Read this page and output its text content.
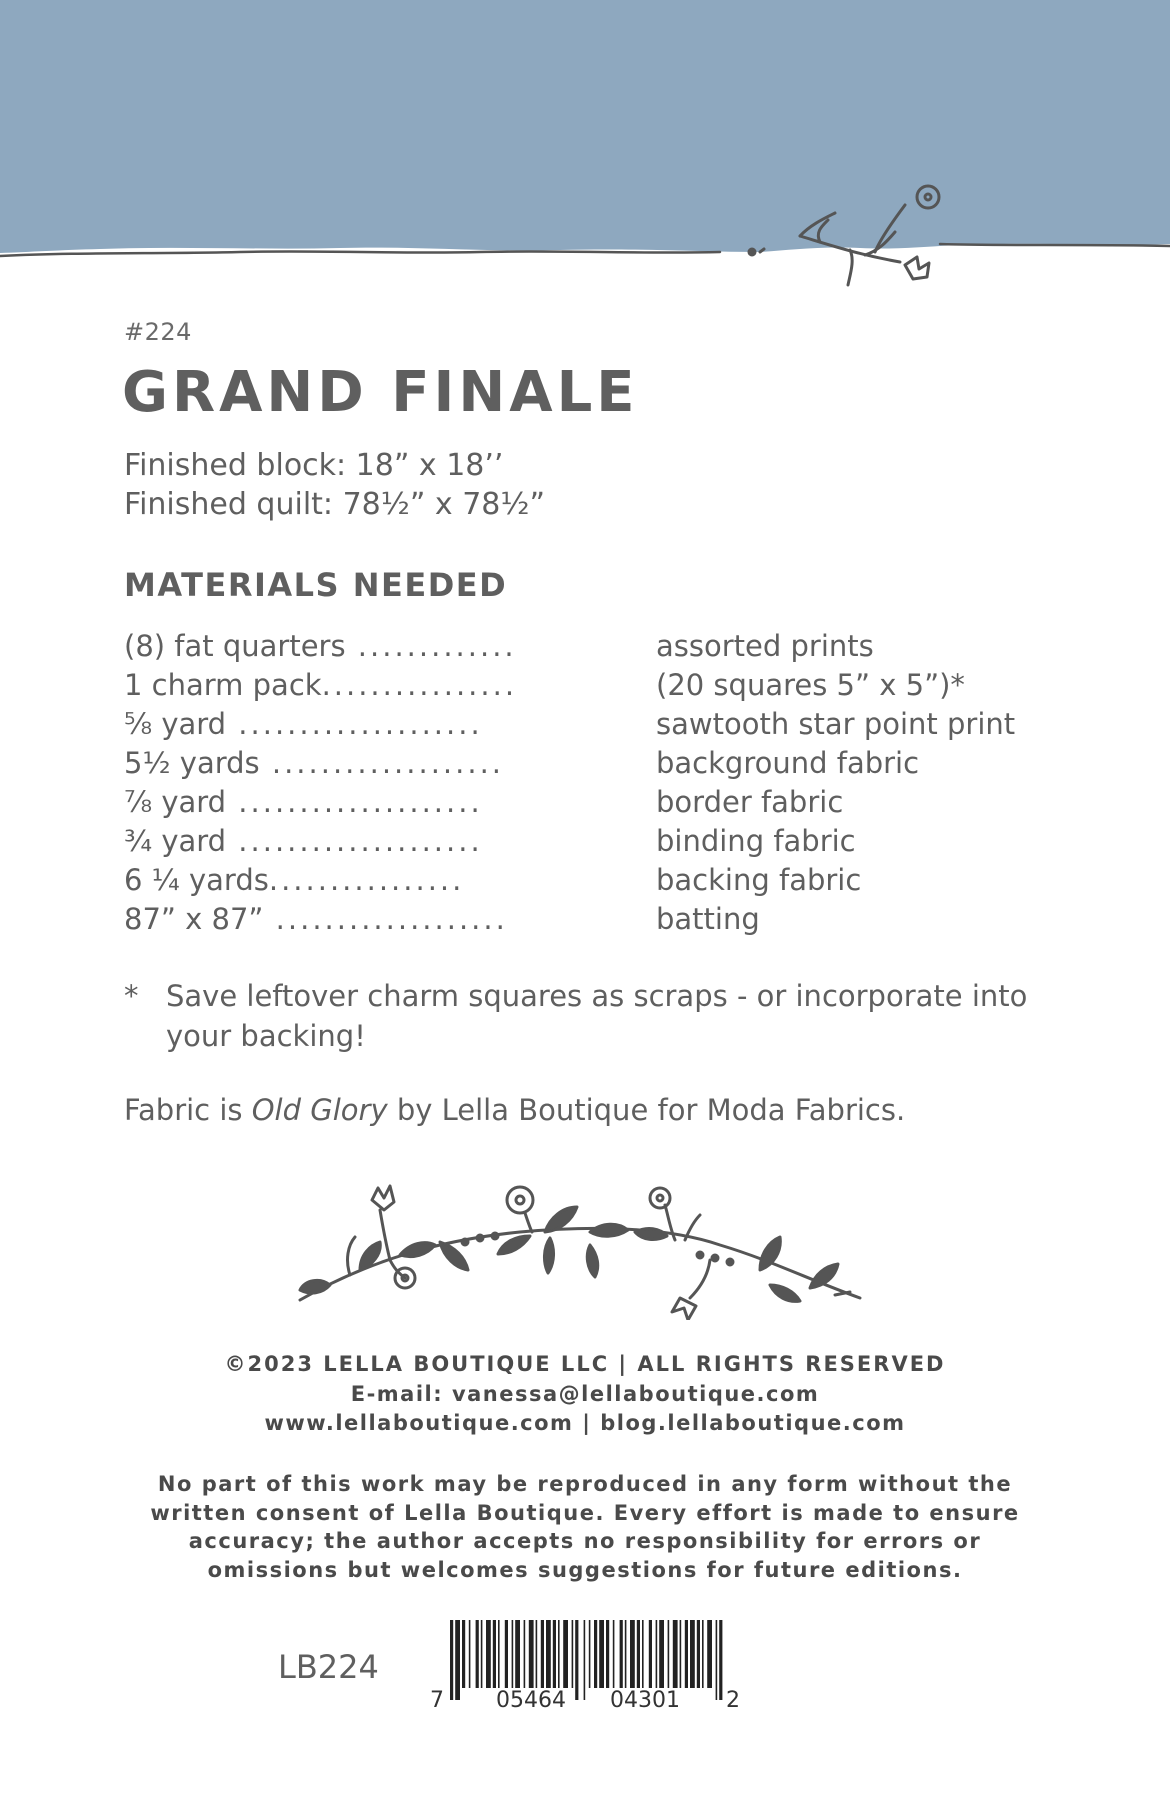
#224
GRAND FINALE
Finished block: 18” x 18’’
Finished quilt: 78½” x 78½”
MATERIALS NEEDED
(8) fat quarters .............	assorted prints
1 charm pack................	(20 squares 5” x 5”)*
⅝ yard ....................	sawtooth star point print
5½ yards ...................	background fabric
⅞ yard ....................	border fabric
¾ yard ....................	binding fabric
6 ¼ yards................	backing fabric
87” x 87” ...................	batting
* Save leftover charm squares as scraps - or incorporate into your backing!
Fabric is Old Glory by Lella Boutique for Moda Fabrics.
©2023 LELLA BOUTIQUE LLC | ALL RIGHTS RESERVED
E-mail: vanessa@lellaboutique.com
www.lellaboutique.com | blog.lellaboutique.com
No part of this work may be reproduced in any form without the written consent of Lella Boutique. Every effort is made to ensure accuracy; the author accepts no responsibility for errors or omissions but welcomes suggestions for future editions.
LB224
7 05464 04301 2
